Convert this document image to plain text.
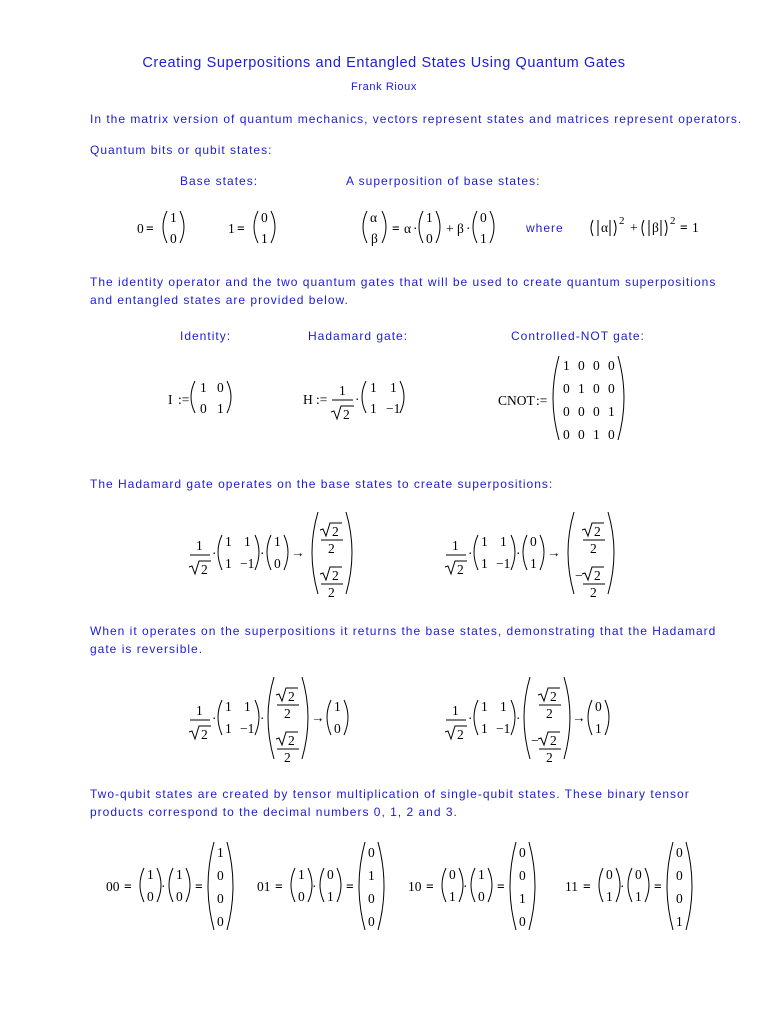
Creating Superpositions and Entangled States Using Quantum Gates
Frank Rioux
In the matrix version of quantum mechanics, vectors represent states and matrices represent operators.
Quantum bits or qubit states:
Base states:	A superposition of base states:
0 =
1
0
1 =
0
1
α
β
= α ·
1
0
+ β ·
0
1
where	α 2 + β 2 = 1
The identity operator and the two quantum gates that will be used to create quantum superpositions
and entangled states are provided below.
Identity:	Hadamard gate:	Controlled-NOT gate:
I :=
1 0
0 1
H :=
1
2
·
1 1
1 −1
CNOT :=
1 0 0 0
0 1 0 0
0 0 0 1
0 0 1 0
The Hadamard gate operates on the base states to create superpositions:
1
2
·
1 1
1 −1
·
1
0
→
2
2
2
2
1
2
·
1 1
1 −1
·
0
1
→
2
2
− 2
2
When it operates on the superpositions it returns the base states, demonstrating that the Hadamard
gate is reversible.
1
2
·
1 1
1 −1
·
2
2
2
2
→
1
0
1
2
·
1 1
1 −1
·
2
2
− 2
2
→
0
1
Two-qubit states are created by tensor multiplication of single-qubit states. These binary tensor
products correspond to the decimal numbers 0, 1, 2 and 3.
00 =
1
0
·
1
0
=
1
0
0
0
01 =
1
0
·
0
1
=
0
1
0
0
10 =
0
1
·
1
0
=
0
0
1
0
11 =
0
1
·
0
1
=
0
0
0
1
